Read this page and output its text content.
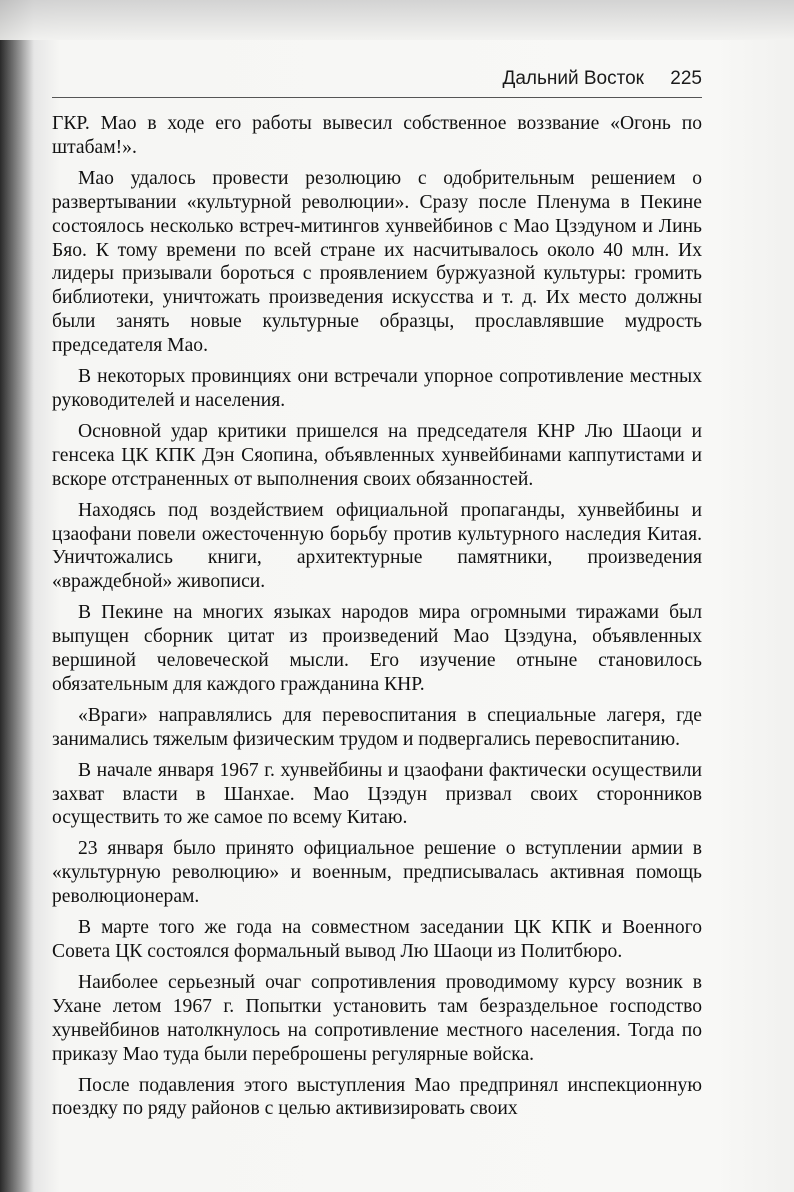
Дальний Восток 225

ГКР. Мао в ходе его работы вывесил собственное воззвание «Огонь по штабам!».

Мао удалось провести резолюцию с одобрительным решением о развертывании «культурной революции». Сразу после Пленума в Пекине состоялось несколько встреч-митингов хунвейбинов с Мао Цзэдуном и Линь Бяо. К тому времени по всей стране их насчитывалось около 40 млн. Их лидеры призывали бороться с проявлением буржуазной культуры: громить библиотеки, уничтожать произведения искусства и т. д. Их место должны были занять новые культурные образцы, прославлявшие мудрость председателя Мао.

В некоторых провинциях они встречали упорное сопротивление местных руководителей и населения.

Основной удар критики пришелся на председателя КНР Лю Шаоци и генсека ЦК КПК Дэн Сяопина, объявленных хунвейбинами каппутистами и вскоре отстраненных от выполнения своих обязанностей.

Находясь под воздействием официальной пропаганды, хунвейбины и цзаофани повели ожесточенную борьбу против культурного наследия Китая. Уничтожались книги, архитектурные памятники, произведения «враждебной» живописи.

В Пекине на многих языках народов мира огромными тиражами был выпущен сборник цитат из произведений Мао Цзэдуна, объявленных вершиной человеческой мысли. Его изучение отныне становилось обязательным для каждого гражданина КНР.

«Враги» направлялись для перевоспитания в специальные лагеря, где занимались тяжелым физическим трудом и подвергались перевоспитанию.

В начале января 1967 г. хунвейбины и цзаофани фактически осуществили захват власти в Шанхае. Мао Цзэдун призвал своих сторонников осуществить то же самое по всему Китаю.

23 января было принято официальное решение о вступлении армии в «культурную революцию» и военным, предписывалась активная помощь революционерам.

В марте того же года на совместном заседании ЦК КПК и Военного Совета ЦК состоялся формальный вывод Лю Шаоци из Политбюро.

Наиболее серьезный очаг сопротивления проводимому курсу возник в Ухане летом 1967 г. Попытки установить там безраздельное господство хунвейбинов натолкнулось на сопротивление местного населения. Тогда по приказу Мао туда были переброшены регулярные войска.

После подавления этого выступления Мао предпринял инспекционную поездку по ряду районов с целью активизировать своих
